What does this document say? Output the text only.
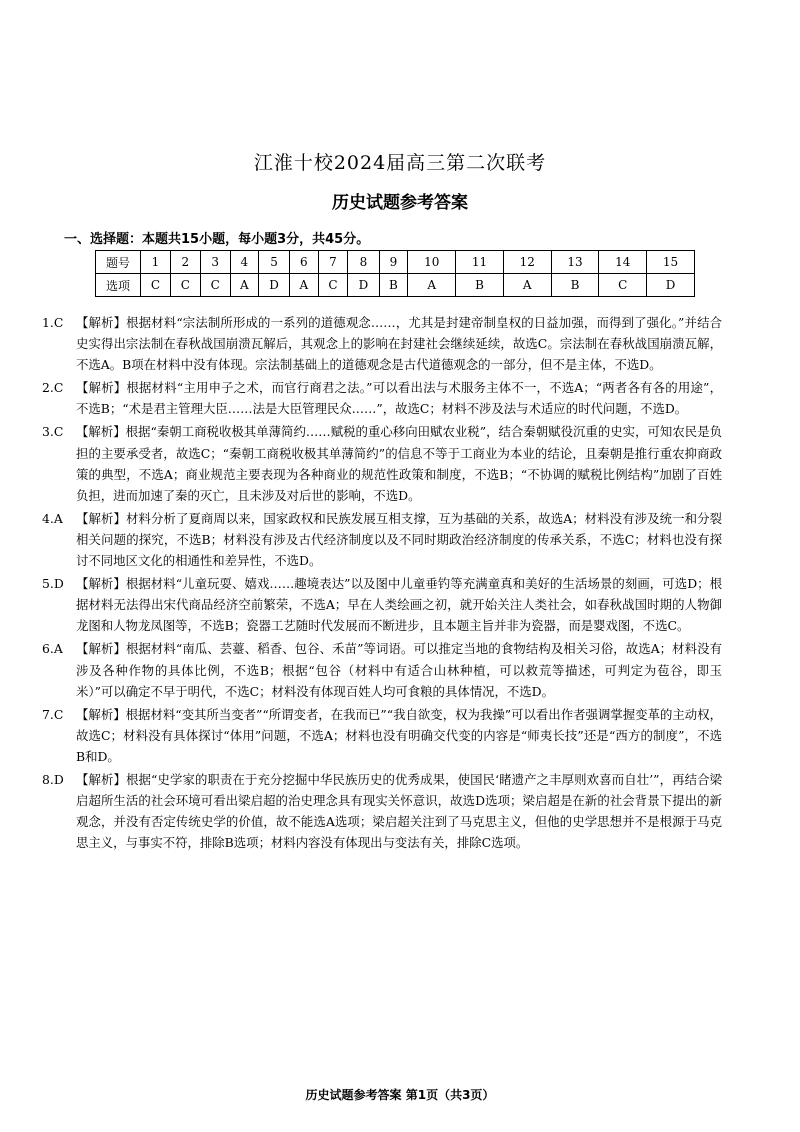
江淮十校2024届高三第二次联考
历史试题参考答案
一、选择题：本题共15小题，每小题3分，共45分。
题号	1	2	3	4	5	6	7	8	9	10	11	12	13	14	15
选项	C	C	C	A	D	A	C	D	B	A	B	A	B	C	D
1.C	【解析】根据材料“宗法制所形成的一系列的道德观念……，尤其是封建帝制皇权的日益加强，而得到了强化。”并结合史实得出宗法制在春秋战国崩溃瓦解后，其观念上的影响在封建社会继续延续，故选C。宗法制在春秋战国崩溃瓦解，不选A。B项在材料中没有体现。宗法制基础上的道德观念是古代道德观念的一部分，但不是主体，不选D。
2.C	【解析】根据材料“主用申子之术，而官行商君之法。”可以看出法与术服务主体不一，不选A；“两者各有各的用途”，不选B；“术是君主管理大臣……法是大臣管理民众……”，故选C；材料不涉及法与术适应的时代问题，不选D。
3.C	【解析】根据“秦朝工商税收极其单薄简约……赋税的重心移向田赋农业税”，结合秦朝赋役沉重的史实，可知农民是负担的主要承受者，故选C；“秦朝工商税收极其单薄简约”的信息不等于工商业为本业的结论，且秦朝是推行重农抑商政策的典型，不选A；商业规范主要表现为各种商业的规范性政策和制度，不选B；“不协调的赋税比例结构”加剧了百姓负担，进而加速了秦的灭亡，且未涉及对后世的影响，不选D。
4.A	【解析】材料分析了夏商周以来，国家政权和民族发展互相支撑，互为基础的关系，故选A；材料没有涉及统一和分裂相关问题的探究，不选B；材料没有涉及古代经济制度以及不同时期政治经济制度的传承关系，不选C；材料也没有探讨不同地区文化的相通性和差异性，不选D。
5.D 【解析】根据材料“儿童玩耍、嬉戏……趣境表达”以及图中儿童垂钓等充满童真和美好的生活场景的刻画，可选D；根据材料无法得出宋代商品经济空前繁荣，不选A；早在人类绘画之初，就开始关注人类社会，如春秋战国时期的人物御龙图和人物龙凤图等，不选B；瓷器工艺随时代发展而不断进步，且本题主旨并非为瓷器，而是婴戏图，不选C。
6.A	【解析】根据材料“南瓜、芸薹、稻香、包谷、禾苗”等词语。可以推定当地的食物结构及相关习俗，故选A；材料没有涉及各种作物的具体比例，不选B；根据“包谷（材料中有适合山林种植，可以救荒等描述，可判定为苞谷，即玉米）”可以确定不早于明代，不选C；材料没有体现百姓人均可食粮的具体情况，不选D。
7.C	【解析】根据材料“变其所当变者”“所谓变者，在我而已”“我自欲变，权为我操”可以看出作者强调掌握变革的主动权，故选C；材料没有具体探讨“体用”问题，不选A；材料也没有明确交代变的内容是“师夷长技”还是“西方的制度”，不选B和D。
8.D 【解析】根据“史学家的职责在于充分挖掘中华民族历史的优秀成果，使国民‘睹遗产之丰厚则欢喜而自壮’”，再结合梁启超所生活的社会环境可看出梁启超的治史理念具有现实关怀意识，故选D选项；梁启超是在新的社会背景下提出的新观念，并没有否定传统史学的价值，故不能选A选项；梁启超关注到了马克思主义，但他的史学思想并不是根源于马克思主义，与事实不符，排除B选项；材料内容没有体现出与变法有关，排除C选项。
历史试题参考答案 第1页（共3页）
